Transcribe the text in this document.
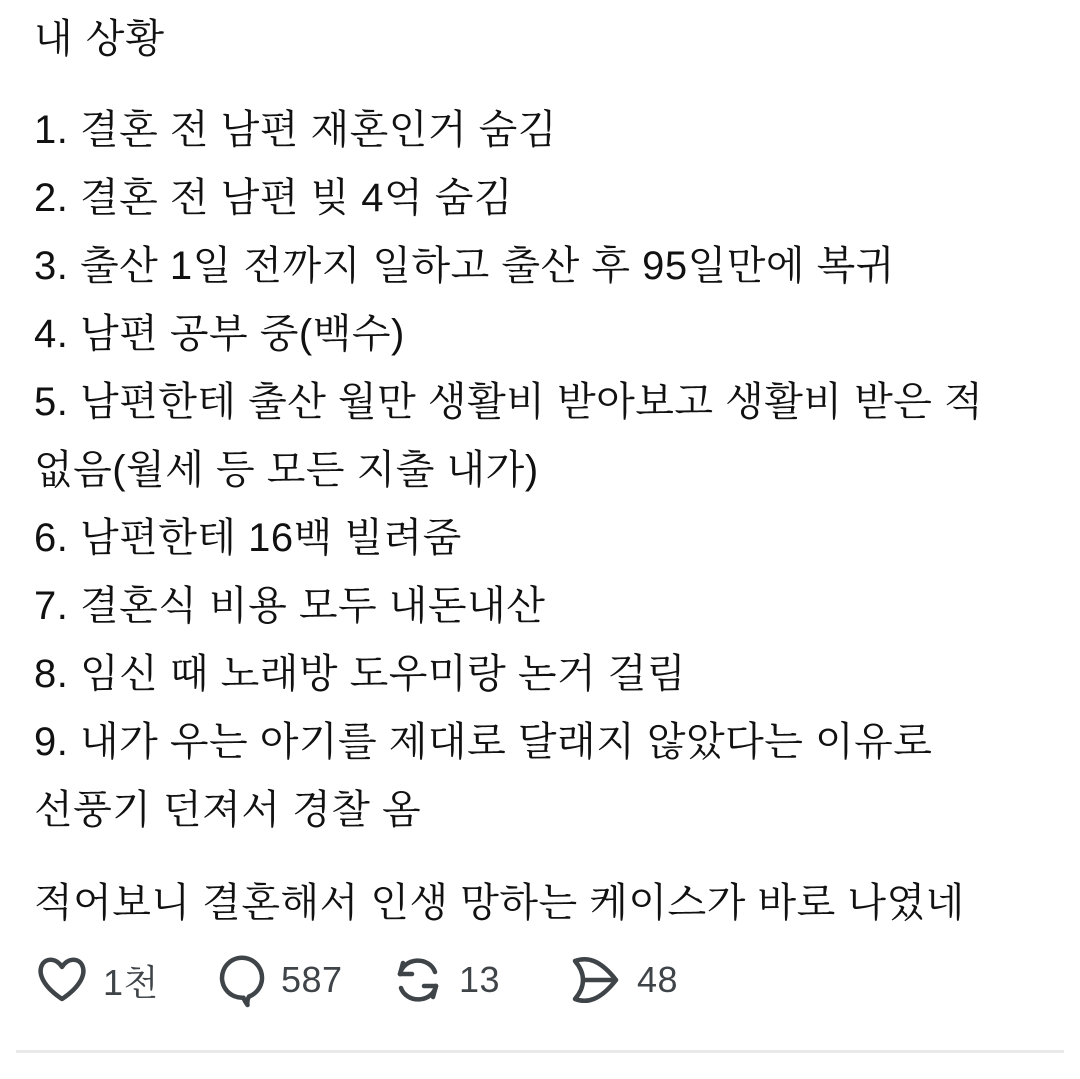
내 상황
1. 결혼 전 남편 재혼인거 숨김
2. 결혼 전 남편 빚 4억 숨김
3. 출산 1일 전까지 일하고 출산 후 95일만에 복귀
4. 남편 공부 중(백수)
5. 남편한테 출산 월만 생활비 받아보고 생활비 받은 적 없음(월세 등 모든 지출 내가)
6. 남편한테 16백 빌려줌
7. 결혼식 비용 모두 내돈내산
8. 임신 때 노래방 도우미랑 논거 걸림
9. 내가 우는 아기를 제대로 달래지 않았다는 이유로 선풍기 던져서 경찰 옴
적어보니 결혼해서 인생 망하는 케이스가 바로 나였네
1천	587	13	48
